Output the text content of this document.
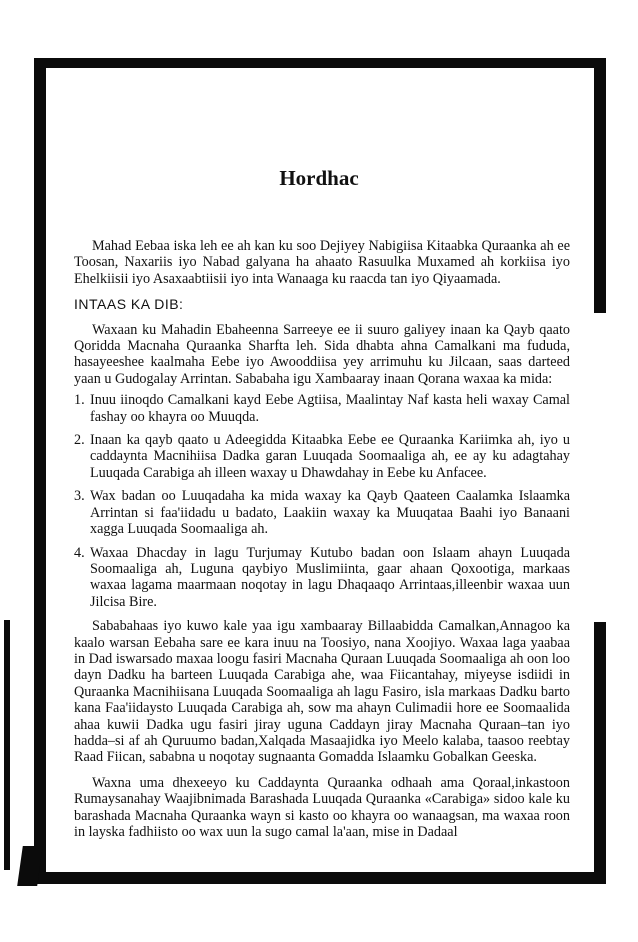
Hordhac

Mahad Eebaa iska leh ee ah kan ku soo Dejiyey Nabigiisa Kitaabka Quraanka ah ee Toosan, Naxariis iyo Nabad galyana ha ahaato Rasuulka Muxamed ah korkiisa iyo Ehelkiisii iyo Asaxaabtiisii iyo inta Wanaaga ku raacda tan iyo Qiyaamada.

INTAAS KA DIB:

Waxaan ku Mahadin Ebaheenna Sarreeye ee ii suuro galiyey inaan ka Qayb qaato Qoridda Macnaha Quraanka Sharfta leh. Sida dhabta ahna Camalkani ma fududa, hasayeeshee kaalmaha Eebe iyo Awooddiisa yey arrimuhu ku Jilcaan, saas darteed yaan u Gudogalay Arrintan. Sababaha igu Xambaaray inaan Qorana waxaa ka mida:

1. Inuu iinoqdo Camalkani kayd Eebe Agtiisa, Maalintay Naf kasta heli waxay Camal fashay oo khayra oo Muuqda.
2. Inaan ka qayb qaato u Adeegidda Kitaabka Eebe ee Quraanka Kariimka ah, iyo u caddaynta Macnihiisa Dadka garan Luuqada Soomaaliga ah, ee ay ku adagtahay Luuqada Carabiga ah illeen waxay u Dhawdahay in Eebe ku Anfacee.
3. Wax badan oo Luuqadaha ka mida waxay ka Qayb Qaateen Caalamka Islaamka Arrintan si faa'iidadu u badato, Laakiin waxay ka Muuqataa Baahi iyo Banaani xagga Luuqada Soomaaliga ah.
4. Waxaa Dhacday in lagu Turjumay Kutubo badan oon Islaam ahayn Luuqada Soomaaliga ah, Luguna qaybiyo Muslimiinta, gaar ahaan Qoxootiga, markaas waxaa lagama maarmaan noqotay in lagu Dhaqaaqo Arrintaas,illeenbir waxaa uun Jilcisa Bire.

Sababahaas iyo kuwo kale yaa igu xambaaray Billaabidda Camalkan,Annagoo ka kaalo warsan Eebaha sare ee kara inuu na Toosiyo, nana Xoojiyo. Waxaa laga yaabaa in Dad iswarsado maxaa loogu fasiri Macnaha Quraan Luuqada Soomaaliga ah oon loo dayn Dadku ha barteen Luuqada Carabiga ahe, waa Fiicantahay, miyeyse isdiidi in Quraanka Macnihiisana Luuqada Soomaaliga ah lagu Fasiro, isla markaas Dadku barto kana Faa'iidaysto Luuqada Carabiga ah, sow ma ahayn Culimadii hore ee Soomaalida ahaa kuwii Dadka ugu fasiri jiray uguna Caddayn jiray Macnaha Quraan–tan iyo hadda–si af ah Quruumo badan,Xalqada Masaajidka iyo Meelo kalaba, taasoo reebtay Raad Fiican, sababna u noqotay sugnaanta Gomadda Islaamku Gobalkan Geeska.

Waxna uma dhexeeyo ku Caddaynta Quraanka odhaah ama Qoraal,inkastoon Rumaysanahay Waajibnimada Barashada Luuqada Quraanka «Carabiga» sidoo kale ku barashada Macnaha Quraanka wayn si kasto oo khayra oo wanaagsan, ma waxaa roon in layska fadhiisto oo wax uun la sugo camal la'aan, mise in Dadaal
